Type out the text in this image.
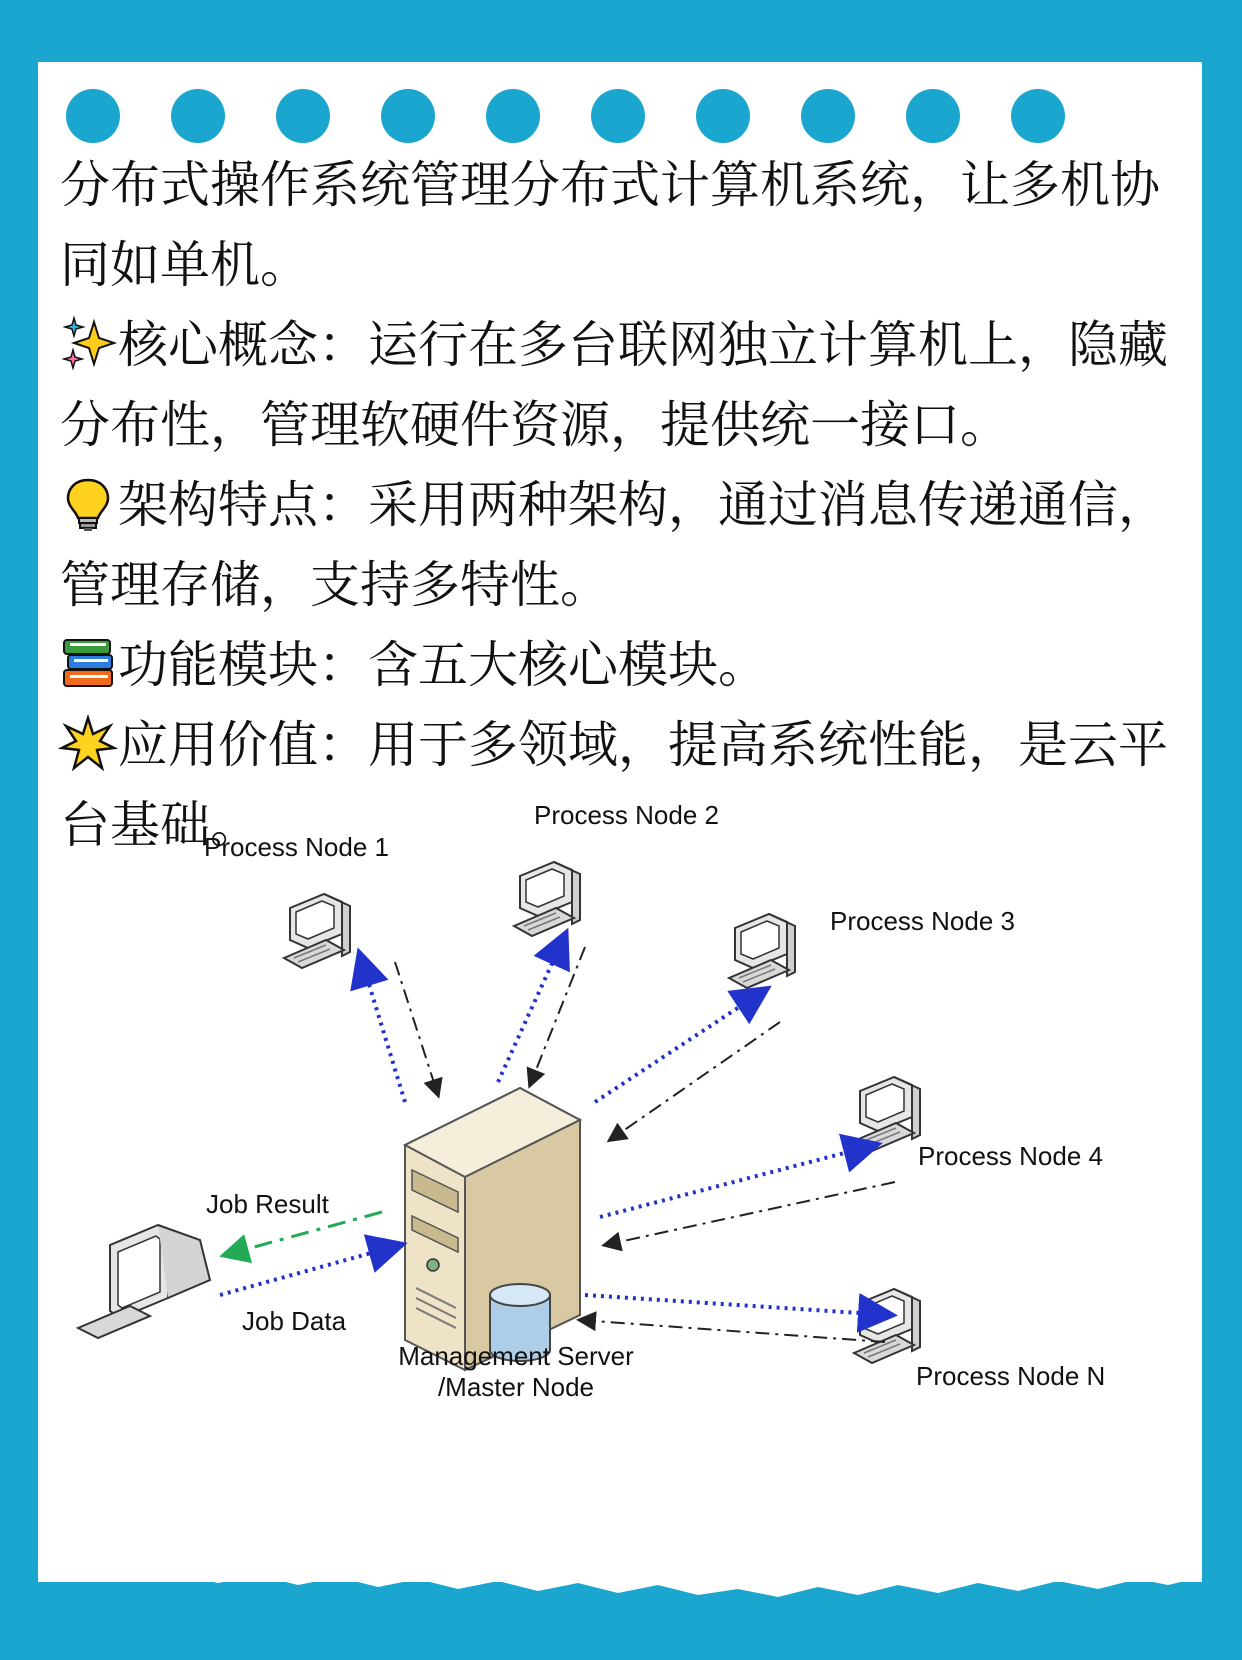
分布式操作系统管理分布式计算机系统，让多机协同如单机。

核心概念：运行在多台联网独立计算机上，隐藏分布性，管理软硬件资源，提供统一接口。

架构特点：采用两种架构，通过消息传递通信，管理存储，支持多特性。

功能模块：含五大核心模块。

应用价值：用于多领域，提高系统性能，是云平台基础。

Process Node 1
Process Node 2
Process Node 3
Process Node 4
Process Node N
Job Result
Job Data
Management Server
/Master Node
